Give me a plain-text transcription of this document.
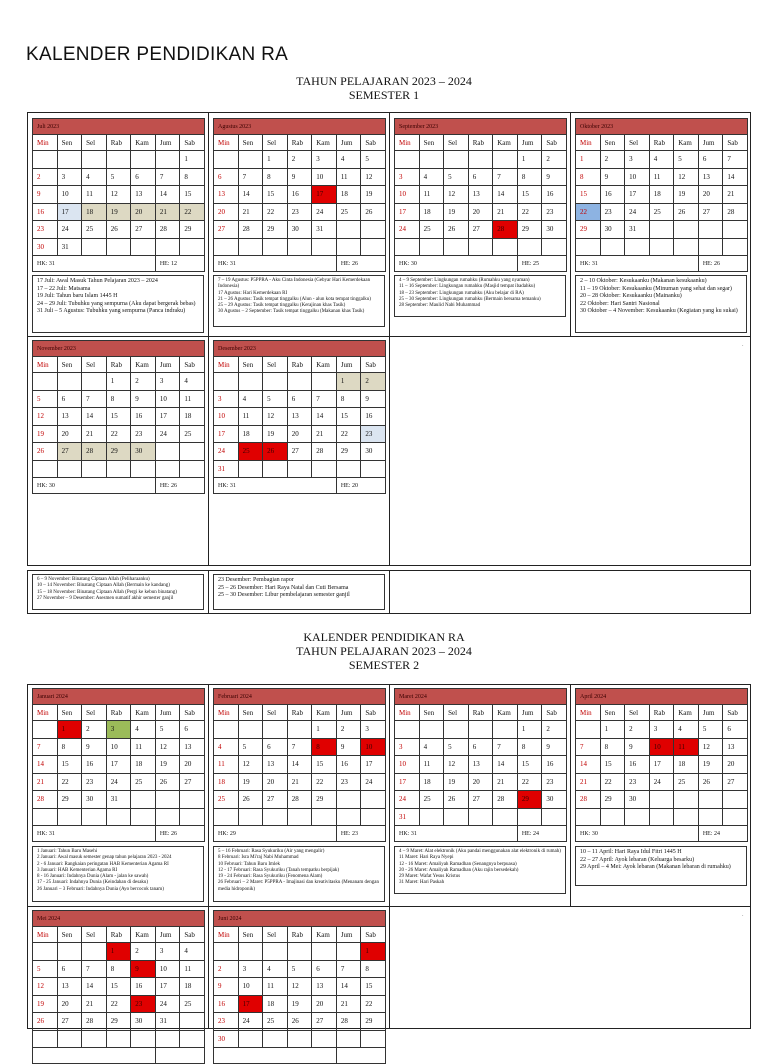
KALENDER PENDIDIKAN RA
TAHUN PELAJARAN 2023 – 2024
SEMESTER 1
KALENDER PENDIDIKAN RA
TAHUN PELAJARAN 2023 – 2024
SEMESTER 2
.
.
Juli 2023						
Min	Sen	Sel	Rab	Kam	Jum	Sab
						1
2	3	4	5	6	7	8
9	10	11	12	13	14	15
16	17	18	19	20	21	22
23	24	25	26	27	28	29
30	31					
HK: 31					HE: 12	
Agustus 2023						
Min	Sen	Sel	Rab	Kam	Jum	Sab
		1	2	3	4	5
6	7	8	9	10	11	12
13	14	15	16	17	18	19
20	21	22	23	24	25	26
27	28	29	30	31		

HK: 31					HE: 26	
September 2023						
Min	Sen	Sel	Rab	Kam	Jum	Sab
					1	2
3	4	5	6	7	8	9
10	11	12	13	14	15	16
17	18	19	20	21	22	23
24	25	26	27	28	29	30

HK: 30					HE: 25	
Oktober 2023						
Min	Sen	Sel	Rab	Kam	Jum	Sab
1	2	3	4	5	6	7
8	9	10	11	12	13	14
15	16	17	18	19	20	21
22	23	24	25	26	27	28
29	30	31				

HK: 31					HE: 26	
November 2023						
Min	Sen	Sel	Rab	Kam	Jum	Sab
			1	2	3	4
5	6	7	8	9	10	11
12	13	14	15	16	17	18
19	20	21	22	23	24	25
26	27	28	29	30		

HK: 30					HE: 26	
Desember 2023						
Min	Sen	Sel	Rab	Kam	Jum	Sab
					1	2
3	4	5	6	7	8	9
10	11	12	13	14	15	16
17	18	19	20	21	22	23
24	25	26	27	28	29	30
31						
HK: 31					HE: 20	
Januari 2024						
Min	Sen	Sel	Rab	Kam	Jum	Sab
	1	2	3	4	5	6
7	8	9	10	11	12	13
14	15	16	17	18	19	20
21	22	23	24	25	26	27
28	29	30	31			

HK: 31					HE: 26	
Februari 2024						
Min	Sen	Sel	Rab	Kam	Jum	Sab
				1	2	3
4	5	6	7	8	9	10
11	12	13	14	15	16	17
18	19	20	21	22	23	24
25	26	27	28	29		

HK: 29					HE: 23	
Maret 2024						
Min	Sen	Sel	Rab	Kam	Jum	Sab
					1	2
3	4	5	6	7	8	9
10	11	12	13	14	15	16
17	18	19	20	21	22	23
24	25	26	27	28	29	30
31						
HK: 31					HE: 24	
April 2024						
Min	Sen	Sel	Rab	Kam	Jum	Sab
	1	2	3	4	5	6
7	8	9	10	11	12	13
14	15	16	17	18	19	20
21	22	23	24	25	26	27
28	29	30				

HK: 30					HE: 24	
Mei 2024						
Min	Sen	Sel	Rab	Kam	Jum	Sab
			1	2	3	4
5	6	7	8	9	10	11
12	13	14	15	16	17	18
19	20	21	22	23	24	25
26	27	28	29	30	31	

Juni 2024						
Min	Sen	Sel	Rab	Kam	Jum	Sab
						1
2	3	4	5	6	7	8
9	10	11	12	13	14	15
16	17	18	19	20	21	22
23	24	25	26	27	28	29
30						

17 Juli: Awal Masuk Tahun Pelajaran 2023 – 2024
17 – 22 Juli: Matsama
19 Juli: Tahun baru Islam 1445 H
24 – 29 Juli: Tubuhku yang sempurna (Aku dapat bergerak bebas)
31 Juli – 5 Agustus: Tubuhku yang sempurna (Panca indraku)
7 – 19 Agustus: P5PPRA - Aku Cinta Indonesia (Gebyar Hari Kemerdekaan Indonesia)
17 Agustus: Hari Kemerdekaan RI
21 – 26 Agustus: Tasik tempat tinggalku (Alun - alun kota tempat tinggalku)
25 – 29 Agustus: Tasik tempat tinggalku (Kerajinan khas Tasik)
30 Agustus – 2 September: Tasik tempat tinggalku (Makanan khas Tasik)
4 – 9 September: Lingkungan rumahku (Rumahku yang nyaman)
11 – 16 September: Lingkungan rumahku (Masjid tempat ibadahku)
18 – 23 September: Lingkungan rumahku (Aku belajar di RA)
25 – 30 September: Lingkungan rumahku (Bermain bersama temanku)
28 September: Maulid Nabi Muhammad
2 – 10 Oktober: Kesukaanku (Makanan kesukaanku)
11 – 19 Oktober: Kesukaanku (Minuman yang sehat dan segar)
20 – 28 Oktober: Kesukaanku (Mainanku)
22 Oktober: Hari Santri Nasional
30 Oktober – 4 November: Kesukaanku (Kegiatan yang ku sukai)
6 – 9 November: Binatang Ciptaan Allah (Peliharaanku)
10 – 14 November: Binatang Ciptaan Allah (Bermain ke kandang)
15 – 18 November: Binatang Ciptaan Allah (Pergi ke kebun binatang)
27 November – 9 Desember: Asesmen sumatif akhir semester ganjil
23 Desember: Pembagian rapor
25 – 26 Desember: Hari Raya Natal dan Cuti Bersama
25 – 30 Desember: Libur pembelajaran semester ganjil
1 Januari: Tahun Baru Masehi
2 Januari: Awal masuk semester genap tahun pelajaran 2023 - 2024
2 - 6 Januari: Rangkaian peringatan HAB Kementerian Agama RI
3 Januari: HAB Kementerian Agama RI
8 - 16 Januari: Indahnya Dunia (Alam - jalan ke sawah)
17 - 25 Januari: Indahnya Dunia (Keindahan di desaku)
26 Januari – 3 Februari: Indahnya Dunia (Ayo bercocok tanam)
5 – 16 Februari: Rasa Syukuriku (Air yang mengalir)
8 Februari: Isra Mi'raj Nabi Muhammad
10 Februari: Tahun Baru Imlek
12 - 17 Februari: Rasa Syukuriku (Tanah tempatku berpijak)
19 - 24 Februari: Rasa Syukuriku (Fenomena Alam)
26 Februari – 2 Maret: P5PPRA - Imajinasi dan kreativitasku (Menanam dengan media hidroponik)
4 – 9 Maret: Alat elektronik (Aku pandai menggunakan alat elektronik di rumah)
11 Maret: Hari Raya Nyepi
12 - 16 Maret: Amaliyah Ramadhan (Senangnya berpuasa)
20 - 26 Maret: Amaliyah Ramadhan (Aku rajin bersedekah)
29 Maret: Wafat Yesus Kristus
31 Maret: Hari Paskah
10 – 11 April: Hari Raya Idul Fitri 1445 H
22 – 27 April: Ayok lebaran (Keluarga besarku)
29 April – 4 Mei: Ayok lebaran (Makanan lebaran di rumahku)
